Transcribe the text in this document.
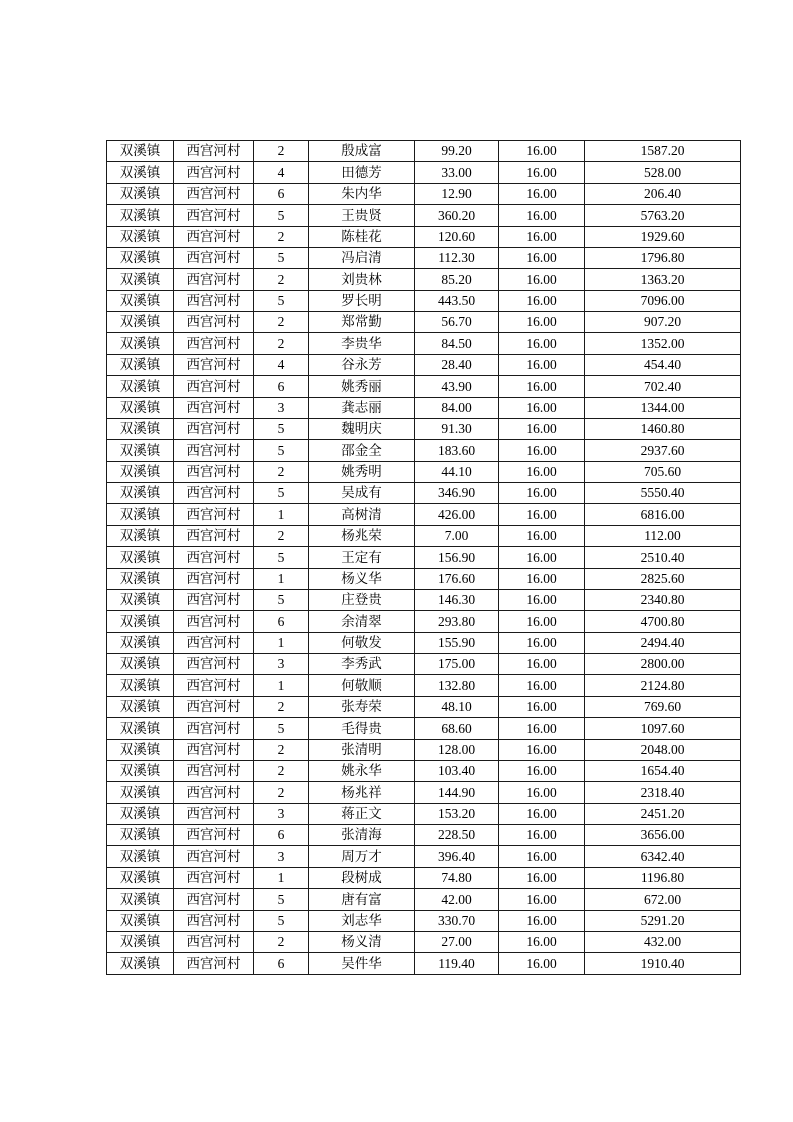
双溪镇	西宫河村	2	殷成富	99.20	16.00	1587.20
双溪镇	西宫河村	4	田德芳	33.00	16.00	528.00
双溪镇	西宫河村	6	朱内华	12.90	16.00	206.40
双溪镇	西宫河村	5	王贵贤	360.20	16.00	5763.20
双溪镇	西宫河村	2	陈桂花	120.60	16.00	1929.60
双溪镇	西宫河村	5	冯启清	112.30	16.00	1796.80
双溪镇	西宫河村	2	刘贵林	85.20	16.00	1363.20
双溪镇	西宫河村	5	罗长明	443.50	16.00	7096.00
双溪镇	西宫河村	2	郑常勤	56.70	16.00	907.20
双溪镇	西宫河村	2	李贵华	84.50	16.00	1352.00
双溪镇	西宫河村	4	谷永芳	28.40	16.00	454.40
双溪镇	西宫河村	6	姚秀丽	43.90	16.00	702.40
双溪镇	西宫河村	3	龚志丽	84.00	16.00	1344.00
双溪镇	西宫河村	5	魏明庆	91.30	16.00	1460.80
双溪镇	西宫河村	5	邵金全	183.60	16.00	2937.60
双溪镇	西宫河村	2	姚秀明	44.10	16.00	705.60
双溪镇	西宫河村	5	吴成有	346.90	16.00	5550.40
双溪镇	西宫河村	1	高树清	426.00	16.00	6816.00
双溪镇	西宫河村	2	杨兆荣	7.00	16.00	112.00
双溪镇	西宫河村	5	王定有	156.90	16.00	2510.40
双溪镇	西宫河村	1	杨义华	176.60	16.00	2825.60
双溪镇	西宫河村	5	庄登贵	146.30	16.00	2340.80
双溪镇	西宫河村	6	余清翠	293.80	16.00	4700.80
双溪镇	西宫河村	1	何敬发	155.90	16.00	2494.40
双溪镇	西宫河村	3	李秀武	175.00	16.00	2800.00
双溪镇	西宫河村	1	何敬顺	132.80	16.00	2124.80
双溪镇	西宫河村	2	张寿荣	48.10	16.00	769.60
双溪镇	西宫河村	5	毛得贵	68.60	16.00	1097.60
双溪镇	西宫河村	2	张清明	128.00	16.00	2048.00
双溪镇	西宫河村	2	姚永华	103.40	16.00	1654.40
双溪镇	西宫河村	2	杨兆祥	144.90	16.00	2318.40
双溪镇	西宫河村	3	蒋正文	153.20	16.00	2451.20
双溪镇	西宫河村	6	张清海	228.50	16.00	3656.00
双溪镇	西宫河村	3	周万才	396.40	16.00	6342.40
双溪镇	西宫河村	1	段树成	74.80	16.00	1196.80
双溪镇	西宫河村	5	唐有富	42.00	16.00	672.00
双溪镇	西宫河村	5	刘志华	330.70	16.00	5291.20
双溪镇	西宫河村	2	杨义清	27.00	16.00	432.00
双溪镇	西宫河村	6	吴件华	119.40	16.00	1910.40
